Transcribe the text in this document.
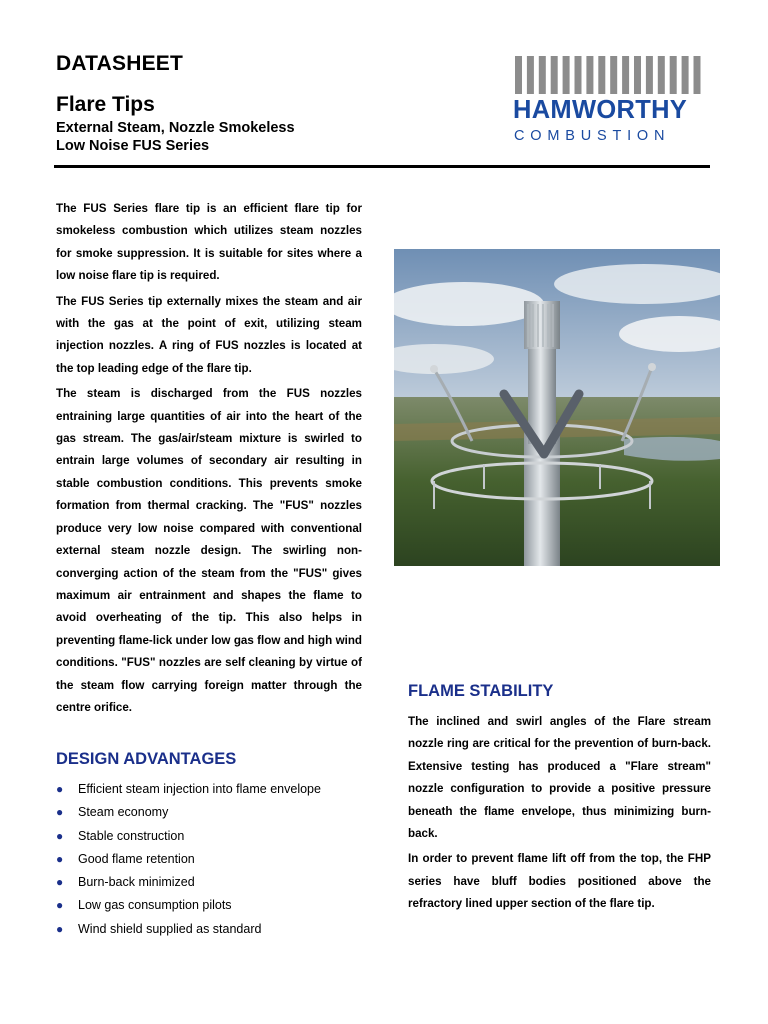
DATASHEET
Flare Tips
External Steam, Nozzle Smokeless
Low Noise FUS Series
HAMWORTHY
COMBUSTION

The FUS Series flare tip is an efficient flare tip for smokeless combustion which utilizes steam nozzles for smoke suppression. It is suitable for sites where a low noise flare tip is required.

The FUS Series tip externally mixes the steam and air with the gas at the point of exit, utilizing steam injection nozzles. A ring of FUS nozzles is located at the top leading edge of the flare tip.

The steam is discharged from the FUS nozzles entraining large quantities of air into the heart of the gas stream. The gas/air/steam mixture is swirled to entrain large volumes of secondary air resulting in stable combustion conditions. This prevents smoke formation from thermal cracking. The "FUS" nozzles produce very low noise compared with conventional external steam nozzle design. The swirling non-converging action of the steam from the "FUS" gives maximum air entrainment and shapes the flame to avoid overheating of the tip. This also helps in preventing flame-lick under low gas flow and high wind conditions. "FUS" nozzles are self cleaning by virtue of the steam flow carrying foreign matter through the centre orifice.

DESIGN ADVANTAGES
● Efficient steam injection into flame envelope
● Steam economy
● Stable construction
● Good flame retention
● Burn-back minimized
● Low gas consumption pilots
● Wind shield supplied as standard
FLAME STABILITY

The inclined and swirl angles of the Flare stream nozzle ring are critical for the prevention of burn-back. Extensive testing has produced a "Flare stream" nozzle configuration to provide a positive pressure beneath the flame envelope, thus minimizing burn-back.

In order to prevent flame lift off from the top, the FHP series have bluff bodies positioned above the refractory lined upper section of the flare tip.
